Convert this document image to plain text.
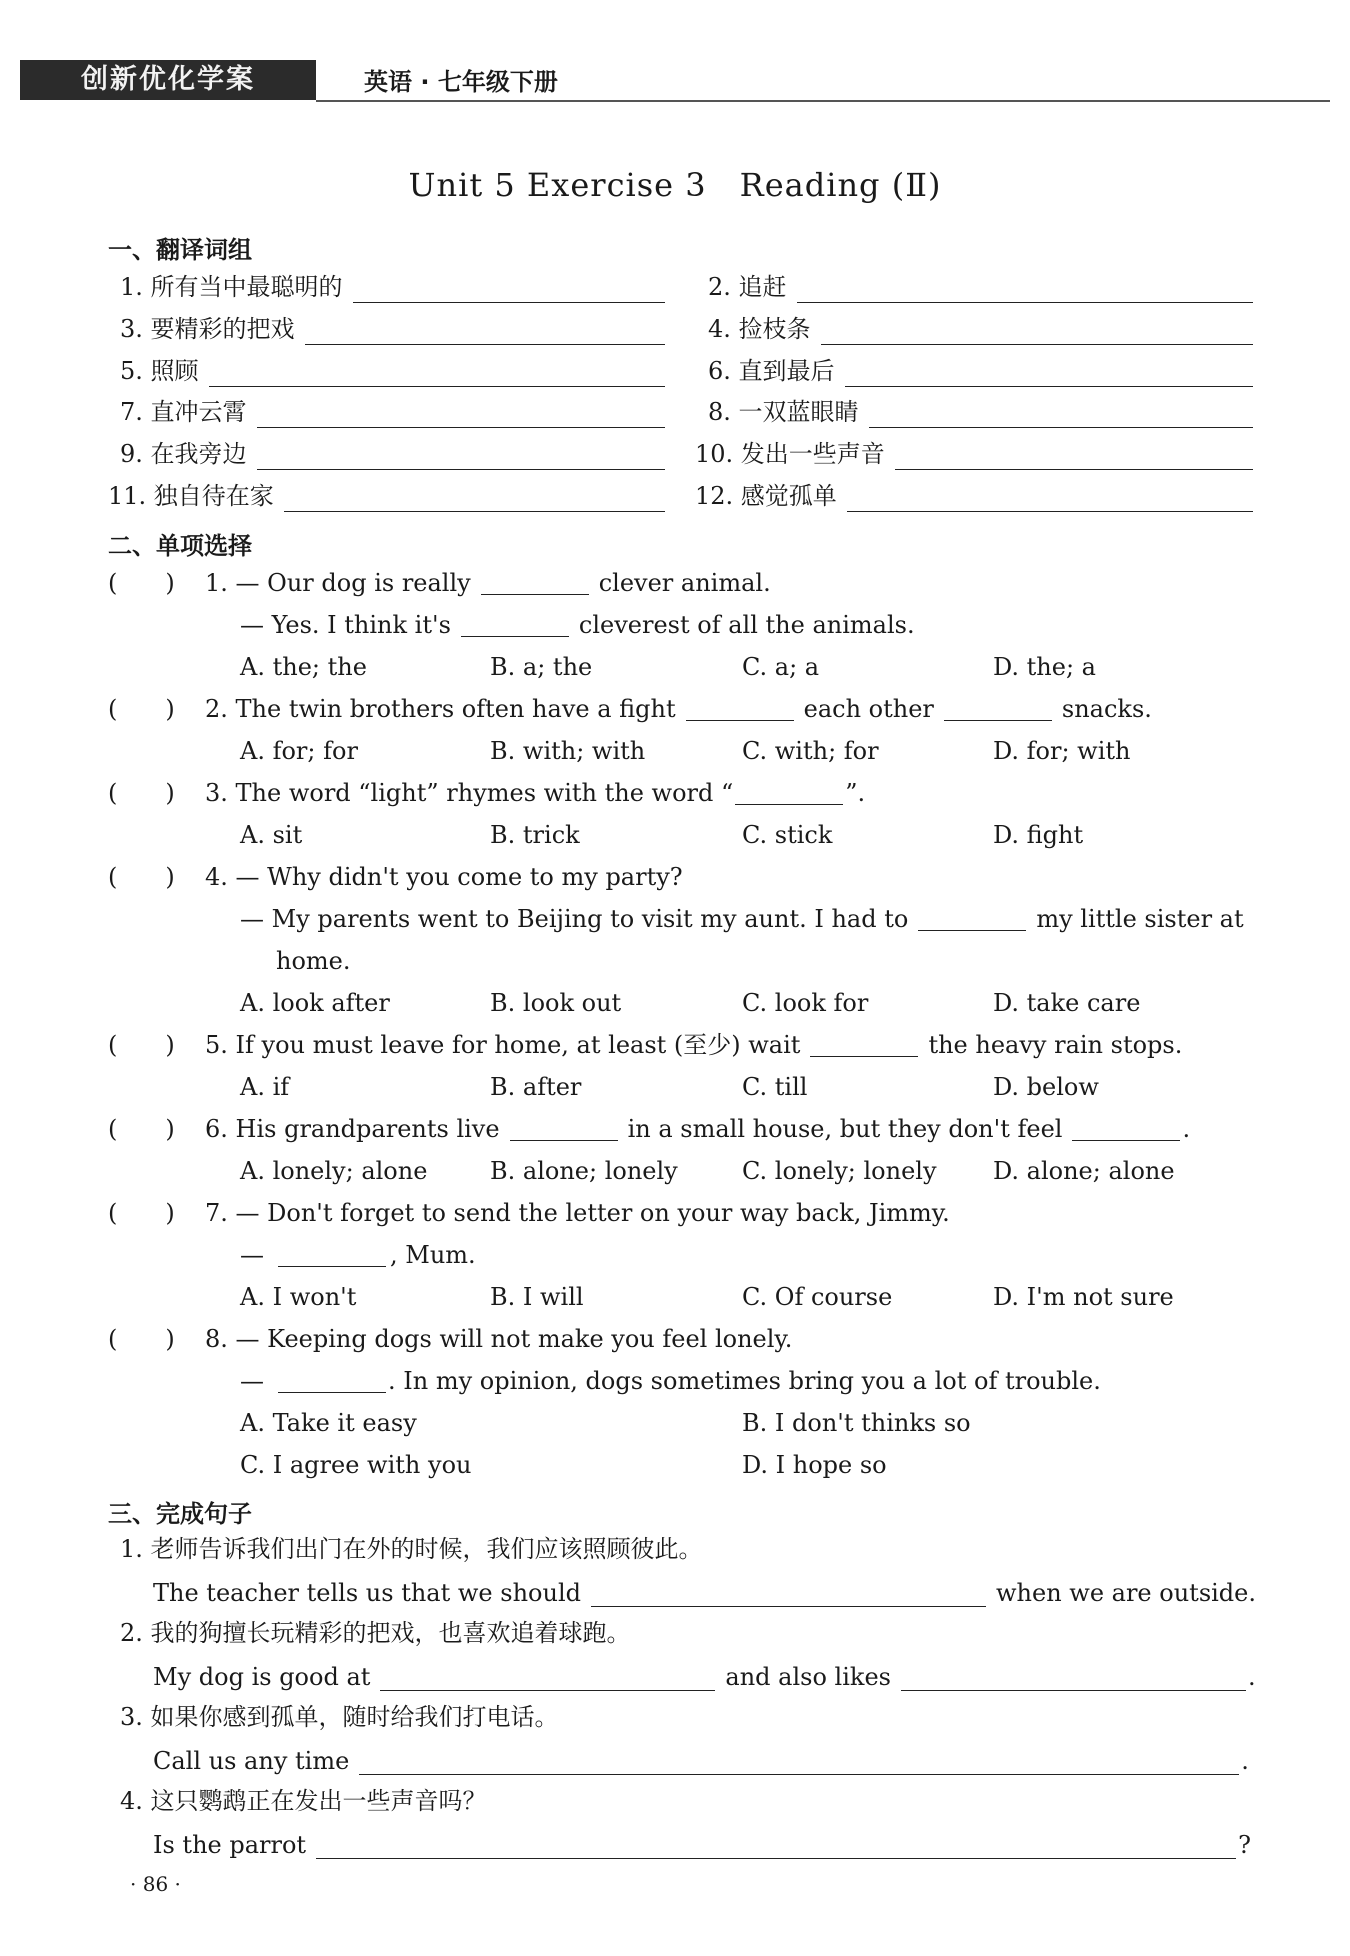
创新优化学案	英语 · 七年级下册
Unit 5 Exercise 3　Reading (Ⅱ)
一、翻译词组
1. 所有当中最聪明的	2. 追赶
3. 要精彩的把戏	4. 捡枝条
5. 照顾	6. 直到最后
7. 直冲云霄	8. 一双蓝眼睛
9. 在我旁边	10. 发出一些声音
11. 独自待在家	12. 感觉孤单
二、单项选择
(　　) 1. — Our dog is really	clever animal.
— Yes. I think it's	cleverest of all the animals.
A. the; the	B. a; the	C. a; a	D. the; a
(　　) 2. The twin brothers often have a fight	each other	snacks.
A. for; for	B. with; with	C. with; for	D. for; with
(　　) 3. The word “light” rhymes with the word “	”.
A. sit	B. trick	C. stick	D. fight
(　　) 4. — Why didn't you come to my party?
— My parents went to Beijing to visit my aunt. I had to	my little sister at
home.
A. look after	B. look out	C. look for	D. take care
(　　) 5. If you must leave for home, at least (至少) wait	the heavy rain stops.
A. if	B. after	C. till	D. below
(　　) 6. His grandparents live	in a small house, but they don't feel	.
A. lonely; alone	B. alone; lonely	C. lonely; lonely D. alone; alone
(　　) 7. — Don't forget to send the letter on your way back, Jimmy.
—	, Mum.
A. I won't	B. I will	C. Of course	D. I'm not sure
(　　) 8. — Keeping dogs will not make you feel lonely.
—	. In my opinion, dogs sometimes bring you a lot of trouble.
A. Take it easy	B. I don't thinks so
C. I agree with you	D. I hope so
三、完成句子
1. 老师告诉我们出门在外的时候，我们应该照顾彼此。
The teacher tells us that we should	when we are outside.
2. 我的狗擅长玩精彩的把戏，也喜欢追着球跑。
My dog is good at	and also likes	.
3. 如果你感到孤单，随时给我们打电话。
Call us any time	.
4. 这只鹦鹉正在发出一些声音吗？
Is the parrot	?
· 86 ·
